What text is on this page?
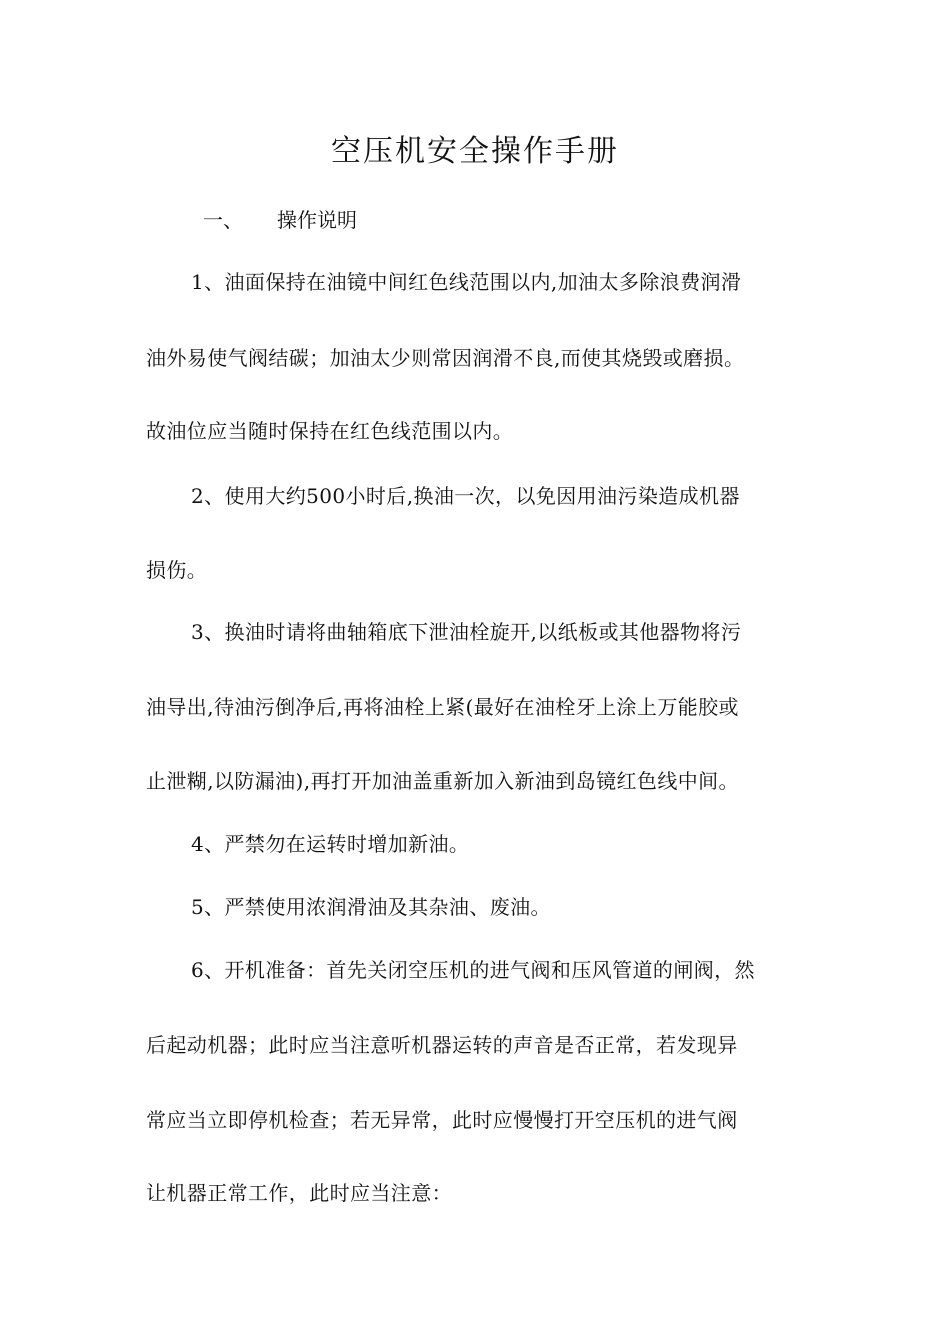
空压机安全操作手册
一、 操作说明
1、油面保持在油镜中间红色线范围以内,加油太多除浪费润滑
油外易使气阀结碳；加油太少则常因润滑不良,而使其烧毁或磨损。
故油位应当随时保持在红色线范围以内。
2、使用大约500小时后,换油一次，以免因用油污染造成机器
损伤。
3、换油时请将曲轴箱底下泄油栓旋开,以纸板或其他器物将污
油导出,待油污倒净后,再将油栓上紧(最好在油栓牙上涂上万能胶或
止泄糊,以防漏油),再打开加油盖重新加入新油到岛镜红色线中间。
4、严禁勿在运转时增加新油。
5、严禁使用浓润滑油及其杂油、废油。
6、开机准备：首先关闭空压机的进气阀和压风管道的闸阀，然
后起动机器；此时应当注意听机器运转的声音是否正常，若发现异
常应当立即停机检查；若无异常，此时应慢慢打开空压机的进气阀
让机器正常工作，此时应当注意：
